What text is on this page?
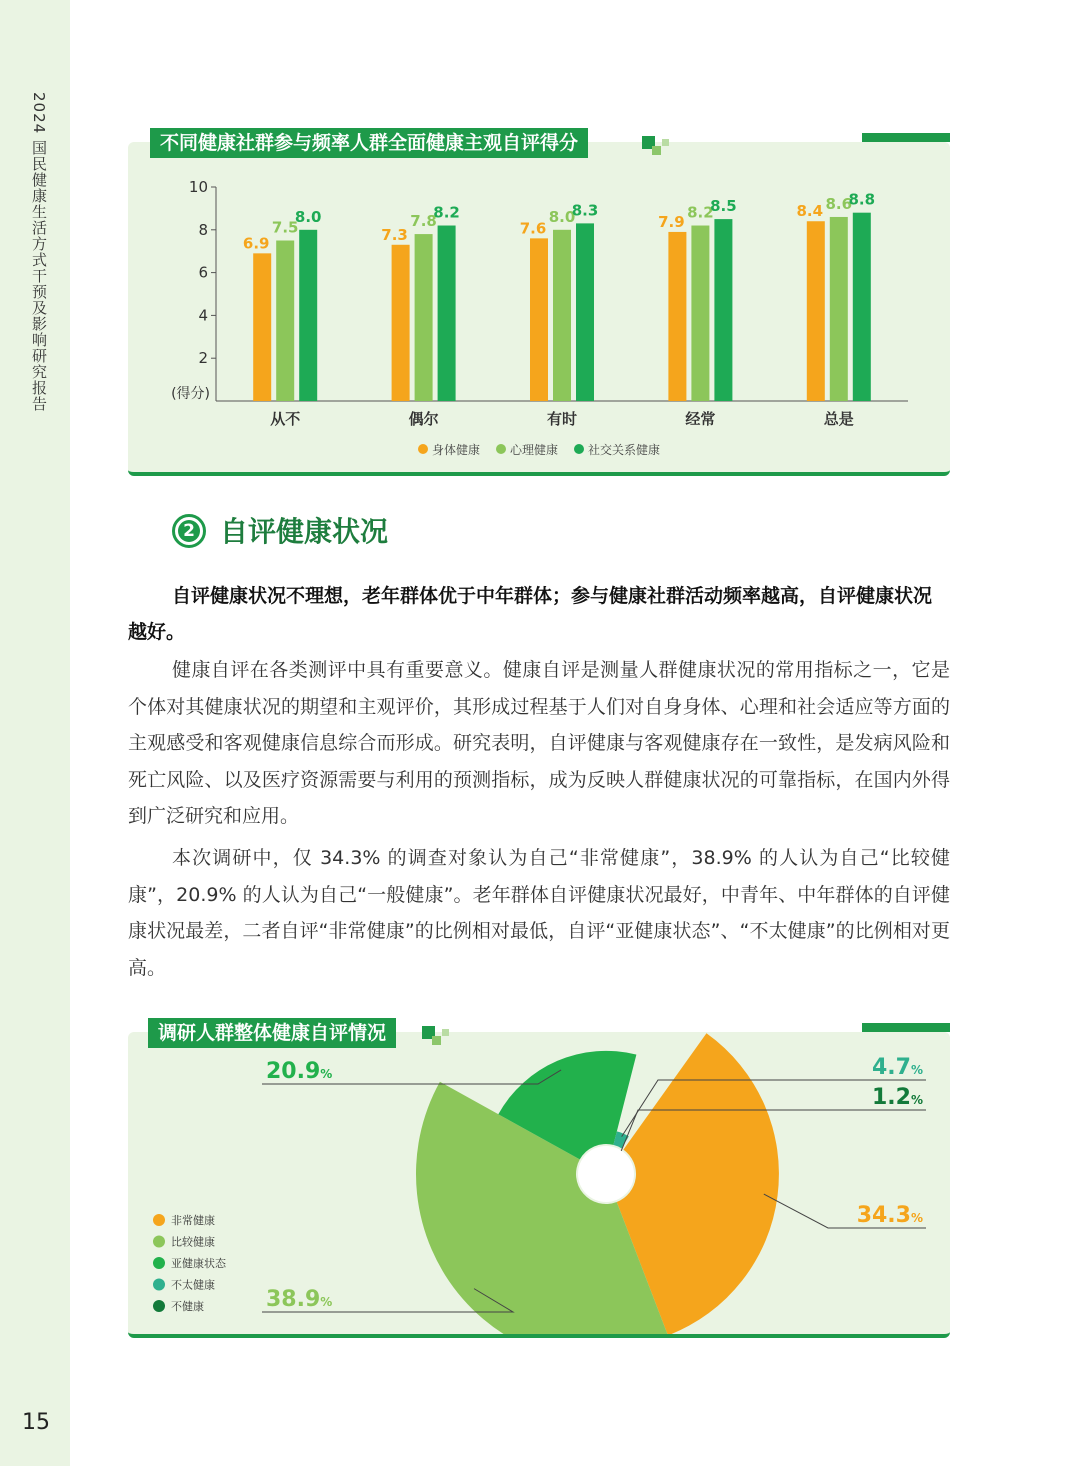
2024 国民健康生活方式干预及影响研究报告
15
2
4
6
8
10
(得分)
从不
6.9
7.5
8.0
偶尔
7.3
7.8
8.2
有时
7.6
8.0
8.3
经常
7.9
8.2
8.5
总是
8.4 8.6
8.8
身体健康 心理健康 社交关系健康
不同健康社群参与频率人群全面健康主观自评得分
2 自评健康状况
自评健康状况不理想，老年群体优于中年群体；参与健康社群活动频率越高，自评健康状况越好。
健康自评在各类测评中具有重要意义。健康自评是测量人群健康状况的常用指标之一，它是个体对其健康状况的期望和主观评价，其形成过程基于人们对自身身体、心理和社会适应等方面的主观感受和客观健康信息综合而形成。研究表明，自评健康与客观健康存在一致性，是发病风险和死亡风险、以及医疗资源需要与利用的预测指标，成为反映人群健康状况的可靠指标，在国内外得到广泛研究和应用。
本次调研中，仅 34.3% 的调查对象认为自己“非常健康”，38.9% 的人认为自己“比较健康”，20.9% 的人认为自己“一般健康”。老年群体自评健康状况最好，中青年、中年群体的自评健康状况最差，二者自评“非常健康”的比例相对最低，自评“亚健康状态”、“不太健康”的比例相对更高。
34.3%
38.9%
20.9%	4.7%
1.2%
非常健康
比较健康
亚健康状态
不太健康
不健康
调研人群整体健康自评情况
